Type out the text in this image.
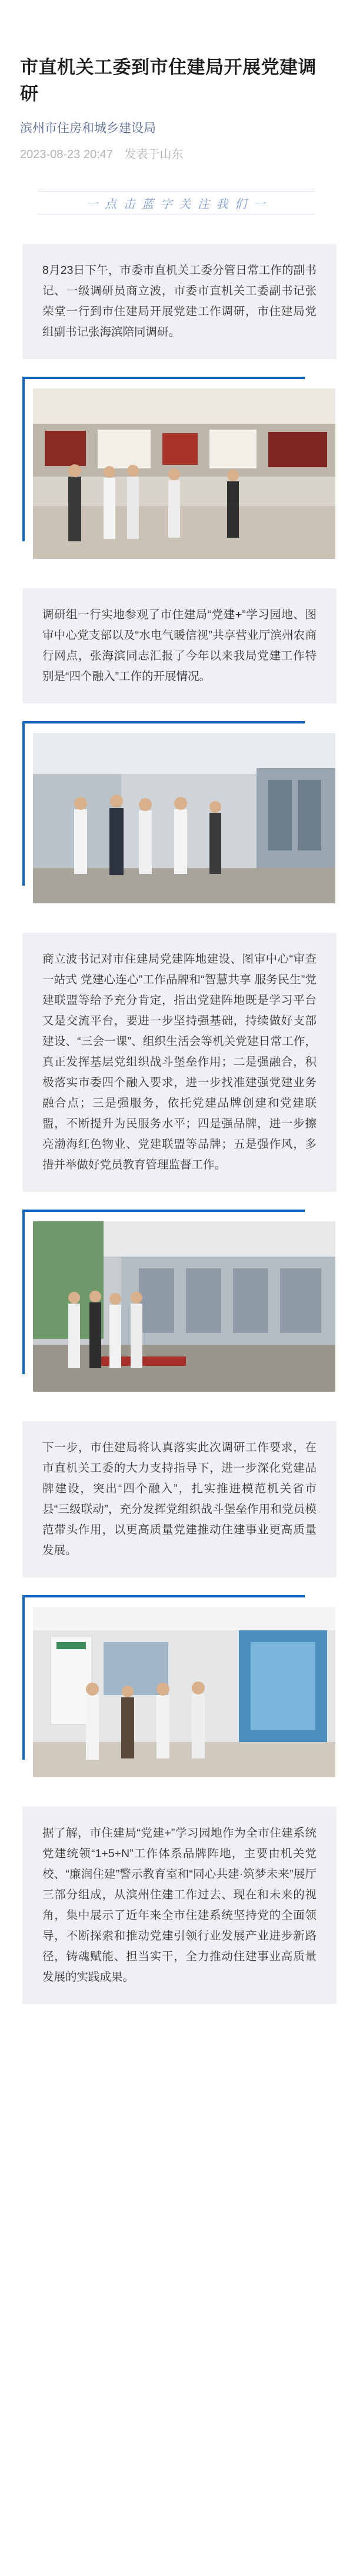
市直机关工委到市住建局开展党建调研
滨州市住房和城乡建设局
2023-08-23 20:47 发表于山东
一 点 击 蓝 字 关 注 我 们 一

8月23日下午，市委市直机关工委分管日常工作的副书记、一级调研员商立波，市委市直机关工委副书记张荣堂一行到市住建局开展党建工作调研，市住建局党组副书记张海滨陪同调研。

调研组一行实地参观了市住建局“党建+”学习园地、图审中心党支部以及“水电气暖信视”共享营业厅滨州农商行网点，张海滨同志汇报了今年以来我局党建工作特别是“四个融入”工作的开展情况。

商立波书记对市住建局党建阵地建设、图审中心“审查一站式 党建心连心”工作品牌和“智慧共享 服务民生”党建联盟等给予充分肯定，指出党建阵地既是学习平台又是交流平台，要进一步坚持强基础，持续做好支部建设、“三会一课”、组织生活会等机关党建日常工作，真正发挥基层党组织战斗堡垒作用；二是强融合，积极落实市委四个融入要求，进一步找准建强党建业务融合点；三是强服务，依托党建品牌创建和党建联盟，不断提升为民服务水平；四是强品牌，进一步擦亮渤海红色物业、党建联盟等品牌；五是强作风，多措并举做好党员教育管理监督工作。

下一步，市住建局将认真落实此次调研工作要求，在市直机关工委的大力支持指导下，进一步深化党建品牌建设，突出“四个融入”，扎实推进模范机关省市县“三级联动”，充分发挥党组织战斗堡垒作用和党员模范带头作用，以更高质量党建推动住建事业更高质量发展。

据了解，市住建局“党建+”学习园地作为全市住建系统党建统领“1+5+N”工作体系品牌阵地，主要由机关党校、“廉润住建”警示教育室和“同心共建·筑梦未来”展厅三部分组成，从滨州住建工作过去、现在和未来的视角，集中展示了近年来全市住建系统坚持党的全面领导，不断探索和推动党建引领行业发展产业进步新路径，铸魂赋能、担当实干，全力推动住建事业高质量发展的实践成果。
